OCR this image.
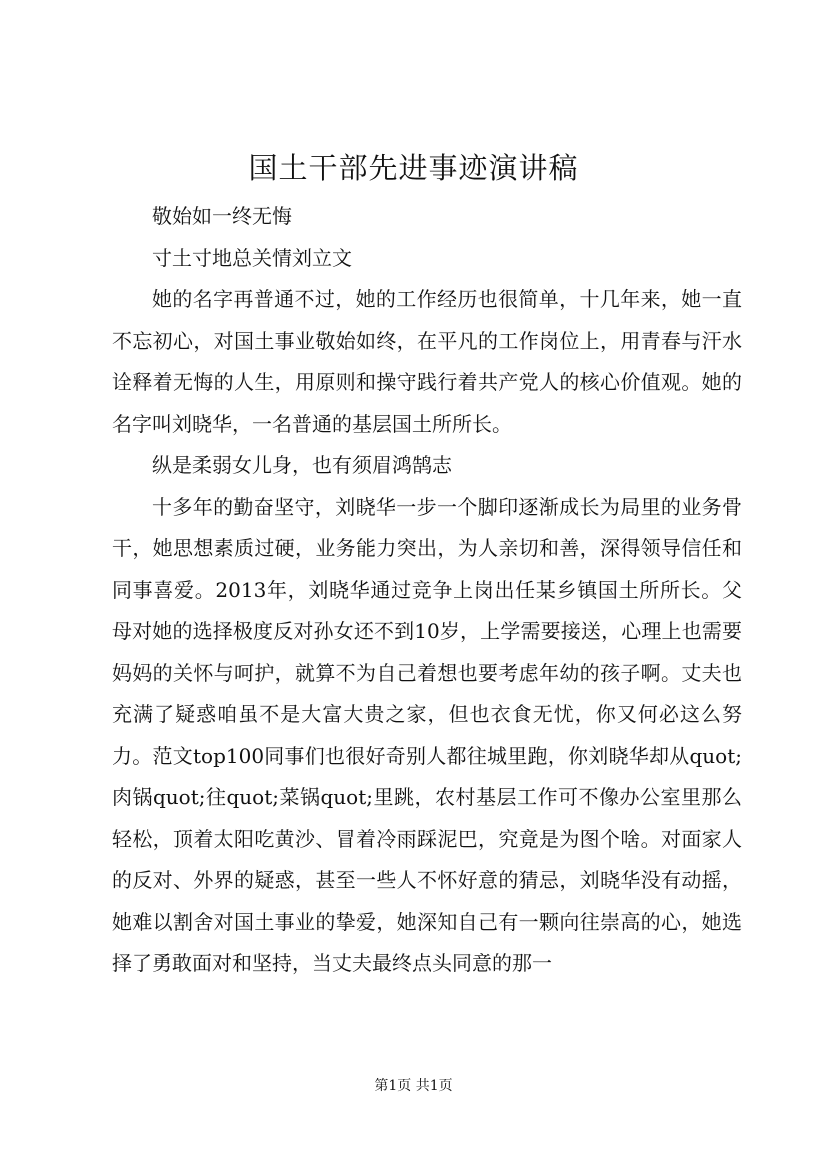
国土干部先进事迹演讲稿

敬始如一终无悔

寸土寸地总关情刘立文

她的名字再普通不过，她的工作经历也很简单，十几年来，她一直不忘初心，对国土事业敬始如终，在平凡的工作岗位上，用青春与汗水诠释着无悔的人生，用原则和操守践行着共产党人的核心价值观。她的名字叫刘晓华，一名普通的基层国土所所长。

纵是柔弱女儿身，也有须眉鸿鹄志

十多年的勤奋坚守，刘晓华一步一个脚印逐渐成长为局里的业务骨干，她思想素质过硬，业务能力突出，为人亲切和善，深得领导信任和同事喜爱。2013年，刘晓华通过竞争上岗出任某乡镇国土所所长。父母对她的选择极度反对孙女还不到10岁，上学需要接送，心理上也需要妈妈的关怀与呵护，就算不为自己着想也要考虑年幼的孩子啊。丈夫也充满了疑惑咱虽不是大富大贵之家，但也衣食无忧，你又何必这么努力。范文top100同事们也很好奇别人都往城里跑，你刘晓华却从quot;肉锅quot;往quot;菜锅quot;里跳，农村基层工作可不像办公室里那么轻松，顶着太阳吃黄沙、冒着冷雨踩泥巴，究竟是为图个啥。对面家人的反对、外界的疑惑，甚至一些人不怀好意的猜忌，刘晓华没有动摇，她难以割舍对国土事业的挚爱，她深知自己有一颗向往崇高的心，她选择了勇敢面对和坚持，当丈夫最终点头同意的那一

第1页 共1页
